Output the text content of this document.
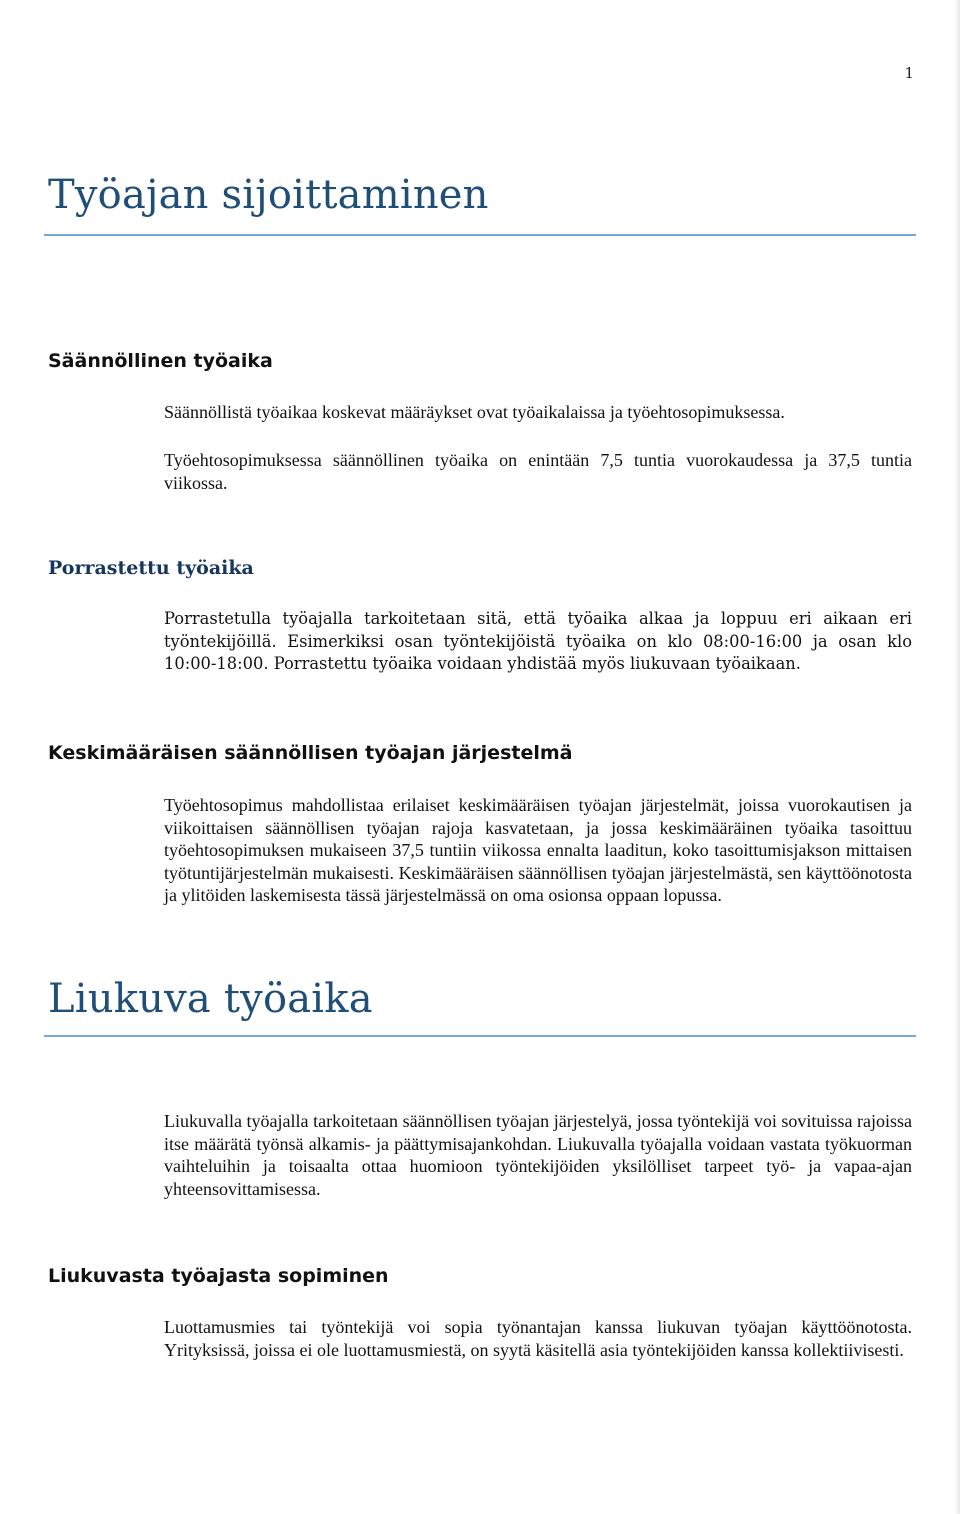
1
Työajan sijoittaminen
Säännöllinen työaika

Säännöllistä työaikaa koskevat määräykset ovat työaikalaissa ja työehtosopimuksessa.

Työehtosopimuksessa säännöllinen työaika on enintään 7,5 tuntia vuorokaudessa ja 37,5 tuntia viikossa.

Porrastettu työaika

Porrastetulla työajalla tarkoitetaan sitä, että työaika alkaa ja loppuu eri aikaan eri työntekijöillä. Esimerkiksi osan työntekijöistä työaika on klo 08:00-16:00 ja osan klo 10:00-18:00. Porrastettu työaika voidaan yhdistää myös liukuvaan työaikaan.

Keskimääräisen säännöllisen työajan järjestelmä

Työehtosopimus mahdollistaa erilaiset keskimääräisen työajan järjestelmät, joissa vuorokautisen ja viikoittaisen säännöllisen työajan rajoja kasvatetaan, ja jossa keskimääräinen työaika tasoittuu työehtosopimuksen mukaiseen 37,5 tuntiin viikossa ennalta laaditun, koko tasoittumisjakson mittaisen työtuntijärjestelmän mukaisesti. Keskimääräisen säännöllisen työajan järjestelmästä, sen käyttöönotosta ja ylitöiden laskemisesta tässä järjestelmässä on oma osionsa oppaan lopussa.

Liukuva työaika

Liukuvalla työajalla tarkoitetaan säännöllisen työajan järjestelyä, jossa työntekijä voi sovituissa rajoissa itse määrätä työnsä alkamis- ja päättymisajankohdan. Liukuvalla työajalla voidaan vastata työkuorman vaihteluihin ja toisaalta ottaa huomioon työntekijöiden yksilölliset tarpeet työ- ja vapaa-ajan yhteensovittamisessa.

Liukuvasta työajasta sopiminen

Luottamusmies tai työntekijä voi sopia työnantajan kanssa liukuvan työajan käyttöönotosta. Yrityksissä, joissa ei ole luottamusmiestä, on syytä käsitellä asia työntekijöiden kanssa kollektiivisesti.
